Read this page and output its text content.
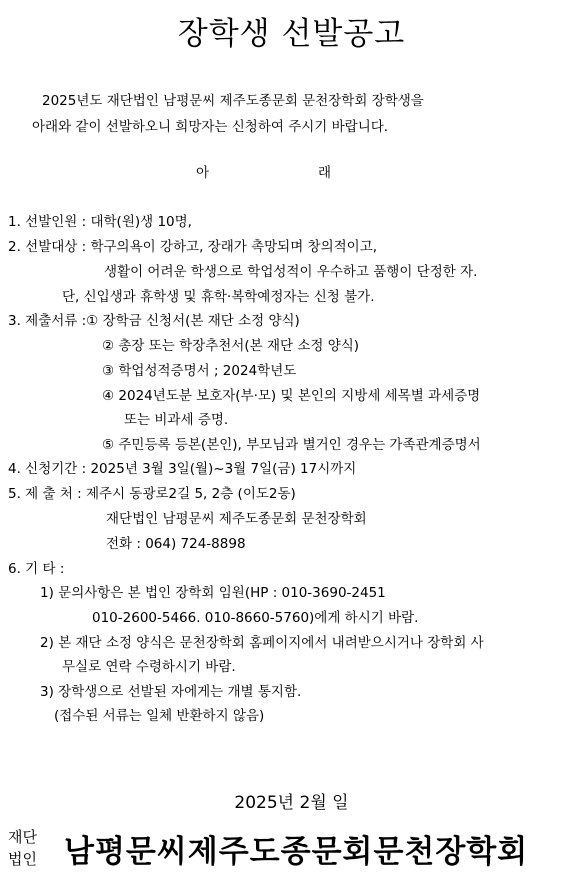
장학생 선발공고
2025년도 재단법인 남평문씨 제주도종문회 문천장학회 장학생을
아래와 같이 선발하오니 희망자는 신청하여 주시기 바랍니다.
아	래
1. 선발인원 : 대학(원)생 10명,
2. 선발대상 : 학구의욕이 강하고, 장래가 촉망되며 창의적이고,
생활이 어려운 학생으로 학업성적이 우수하고 품행이 단정한 자.
단, 신입생과 휴학생 및 휴학·복학예정자는 신청 불가.
3. 제출서류 :① 장학금 신청서(본 재단 소정 양식)
② 총장 또는 학장추천서(본 재단 소정 양식)
③ 학업성적증명서 ; 2024학년도
④ 2024년도분 보호자(부·모) 및 본인의 지방세 세목별 과세증명
또는 비과세 증명.
⑤ 주민등록 등본(본인), 부모님과 별거인 경우는 가족관계증명서
4. 신청기간 : 2025년 3월 3일(월)~3월 7일(금) 17시까지
5. 제 출 처 : 제주시 동광로2길 5, 2층 (이도2동)
재단법인 남평문씨 제주도종문회 문천장학회
전화 : 064) 724-8898
6. 기 타 :
1) 문의사항은 본 법인 장학회 임원(HP : 010-3690-2451
010-2600-5466. 010-8660-5760)에게 하시기 바람.
2) 본 재단 소정 양식은 문천장학회 홈페이지에서 내려받으시거나 장학회 사
무실로 연락 수령하시기 바람.
3) 장학생으로 선발된 자에게는 개별 통지함.
(접수된 서류는 일체 반환하지 않음)
2025년 2월 일
재단
법인 남평문씨제주도종문회문천장학회
